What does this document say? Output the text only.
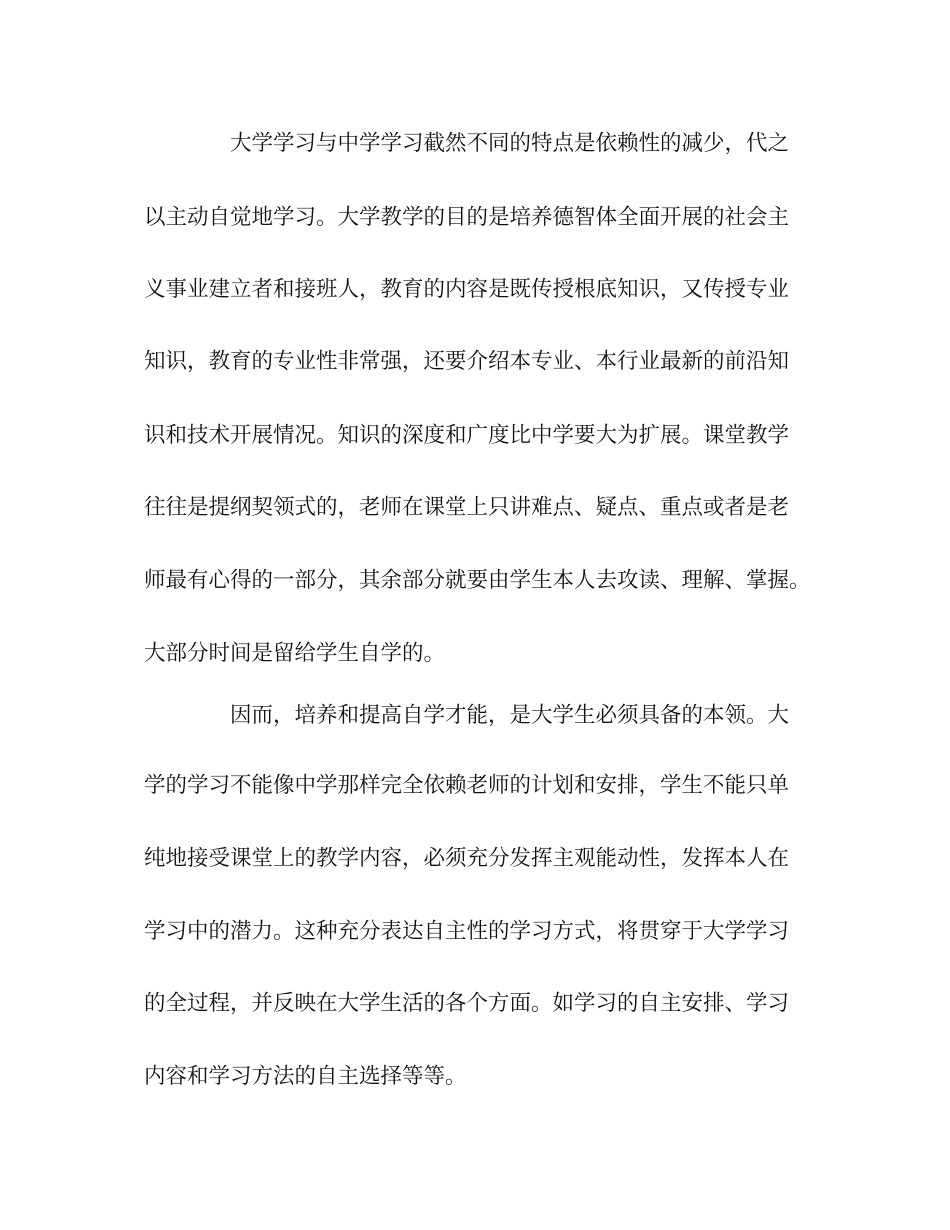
大学学习与中学学习截然不同的特点是依赖性的减少，代之
以主动自觉地学习。大学教学的目的是培养德智体全面开展的社会主
义事业建立者和接班人，教育的内容是既传授根底知识，又传授专业
知识，教育的专业性非常强，还要介绍本专业、本行业最新的前沿知
识和技术开展情况。知识的深度和广度比中学要大为扩展。课堂教学
往往是提纲契领式的，老师在课堂上只讲难点、疑点、重点或者是老
师最有心得的一部分，其余部分就要由学生本人去攻读、理解、掌握。
大部分时间是留给学生自学的。
因而，培养和提高自学才能，是大学生必须具备的本领。大
学的学习不能像中学那样完全依赖老师的计划和安排，学生不能只单
纯地接受课堂上的教学内容，必须充分发挥主观能动性，发挥本人在
学习中的潜力。这种充分表达自主性的学习方式，将贯穿于大学学习
的全过程，并反映在大学生活的各个方面。如学习的自主安排、学习
内容和学习方法的自主选择等等。
